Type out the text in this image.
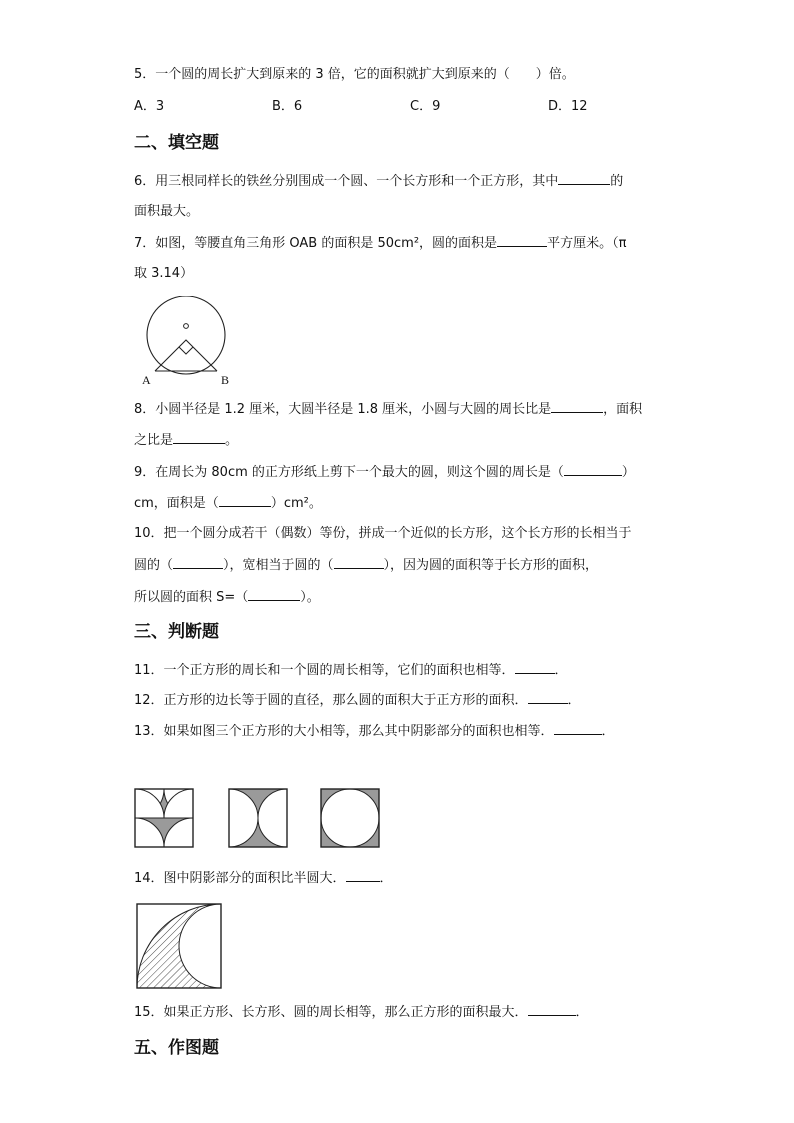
5．一个圆的周长扩大到原来的 3 倍，它的面积就扩大到原来的（　　）倍。
A．3	B．6	C．9	D．12
二、填空题
6．用三根同样长的铁丝分别围成一个圆、一个长方形和一个正方形，其中	的
面积最大。
7．如图，等腰直角三角形 OAB 的面积是 50cm²，圆的面积是	平方厘米。（π
取 3.14）
A	B
8．小圆半径是 1.2 厘米，大圆半径是 1.8 厘米，小圆与大圆的周长比是	，面积
之比是	。
9．在周长为 80cm 的正方形纸上剪下一个最大的圆，则这个圆的周长是（	）
cm，面积是（	）cm²。
10．把一个圆分成若干（偶数）等份，拼成一个近似的长方形，这个长方形的长相当于
圆的（	），宽相当于圆的（	），因为圆的面积等于长方形的面积，
所以圆的面积 S=（	）。
三、判断题
11．一个正方形的周长和一个圆的周长相等，它们的面积也相等．	．
12．正方形的边长等于圆的直径，那么圆的面积大于正方形的面积．	．
13．如果如图三个正方形的大小相等，那么其中阴影部分的面积也相等．	．
14．图中阴影部分的面积比半圆大．	．
15．如果正方形、长方形、圆的周长相等，那么正方形的面积最大．	．
五、作图题
